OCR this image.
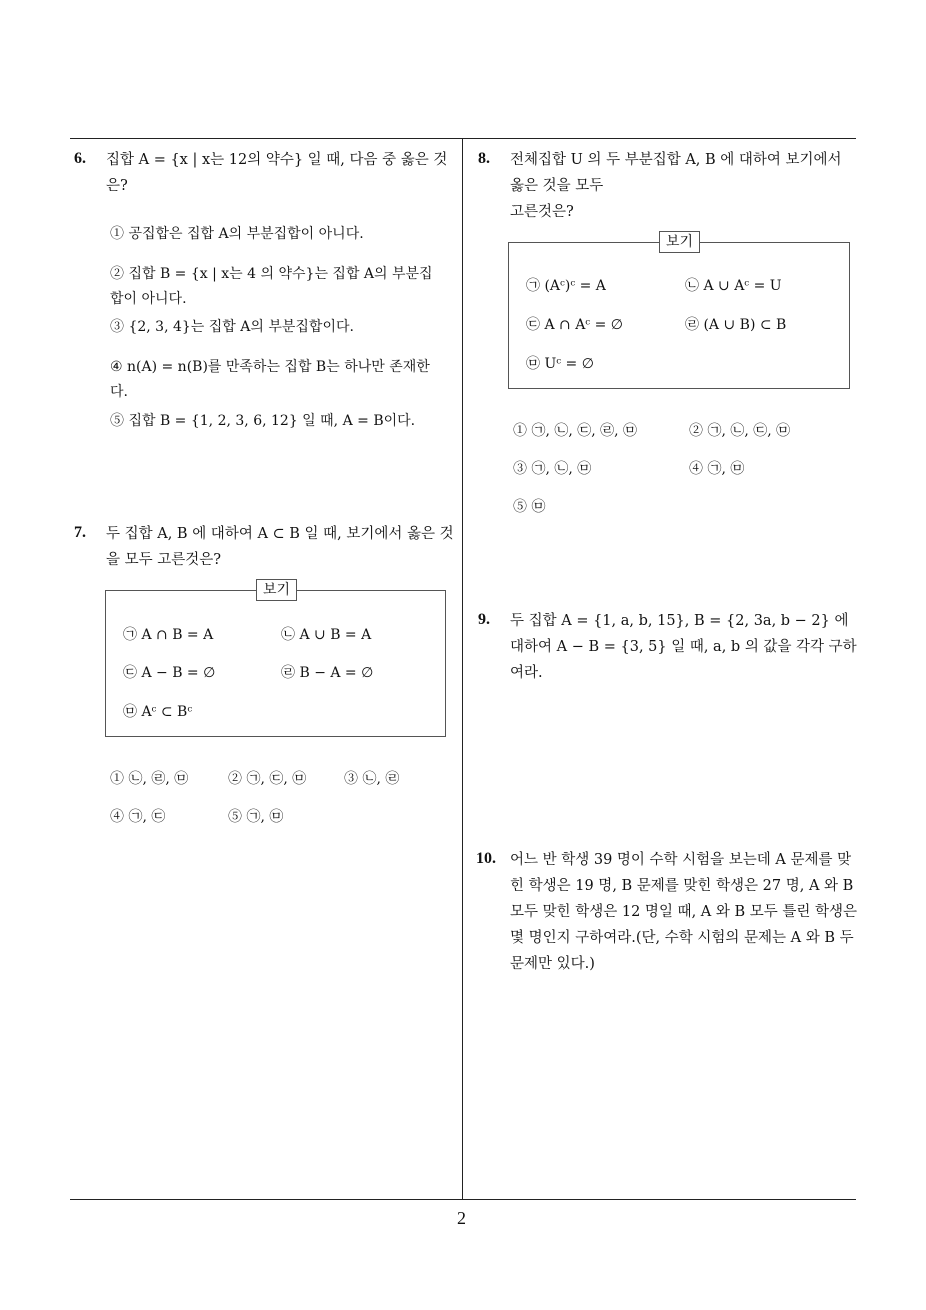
6. 집합 A = {x | x는 12의 약수} 일 때, 다음 중 옳은 것은?
① 공집합은 집합 A의 부분집합이 아니다.
② 집합 B = {x | x는 4 의 약수}는 집합 A의 부분집합이 아니다.
③ {2, 3, 4}는 집합 A의 부분집합이다.
④ n(A) = n(B)를 만족하는 집합 B는 하나만 존재한다.
⑤ 집합 B = {1, 2, 3, 6, 12} 일 때, A = B이다.
7. 두 집합 A, B 에 대하여 A ⊂ B 일 때, 보기에서 옳은 것을 모두 고른것은?
보기
㉠ A ∩ B = A	㉡ A ∪ B = A
㉢ A − B = ∅	㉣ B − A = ∅
㉤ Aᶜ ⊂ Bᶜ
① ㉡, ㉣, ㉤	② ㉠, ㉢, ㉤	③ ㉡, ㉣
④ ㉠, ㉢	⑤ ㉠, ㉤
8. 전체집합 U 의 두 부분집합 A, B 에 대하여 보기에서
옳은 것을 모두
고른것은?
보기
㉠ (Aᶜ)ᶜ = A	㉡ A ∪ Aᶜ = U
㉢ A ∩ Aᶜ = ∅	㉣ (A ∪ B) ⊂ B
㉤ Uᶜ = ∅
① ㉠, ㉡, ㉢, ㉣, ㉤	② ㉠, ㉡, ㉢, ㉤
③ ㉠, ㉡, ㉤	④ ㉠, ㉤
⑤ ㉤
9. 두 집합 A = {1, a, b, 15}, B = {2, 3a, b − 2} 에 대하여 A − B = {3, 5} 일 때, a, b 의 값을 각각 구하여라.
10. 어느 반 학생 39 명이 수학 시험을 보는데 A 문제를 맞힌 학생은 19 명, B 문제를 맞힌 학생은 27 명, A 와 B 모두 맞힌 학생은 12 명일 때, A 와 B 모두 틀린 학생은 몇 명인지 구하여라.(단, 수학 시험의 문제는 A 와 B 두 문제만 있다.)
2
